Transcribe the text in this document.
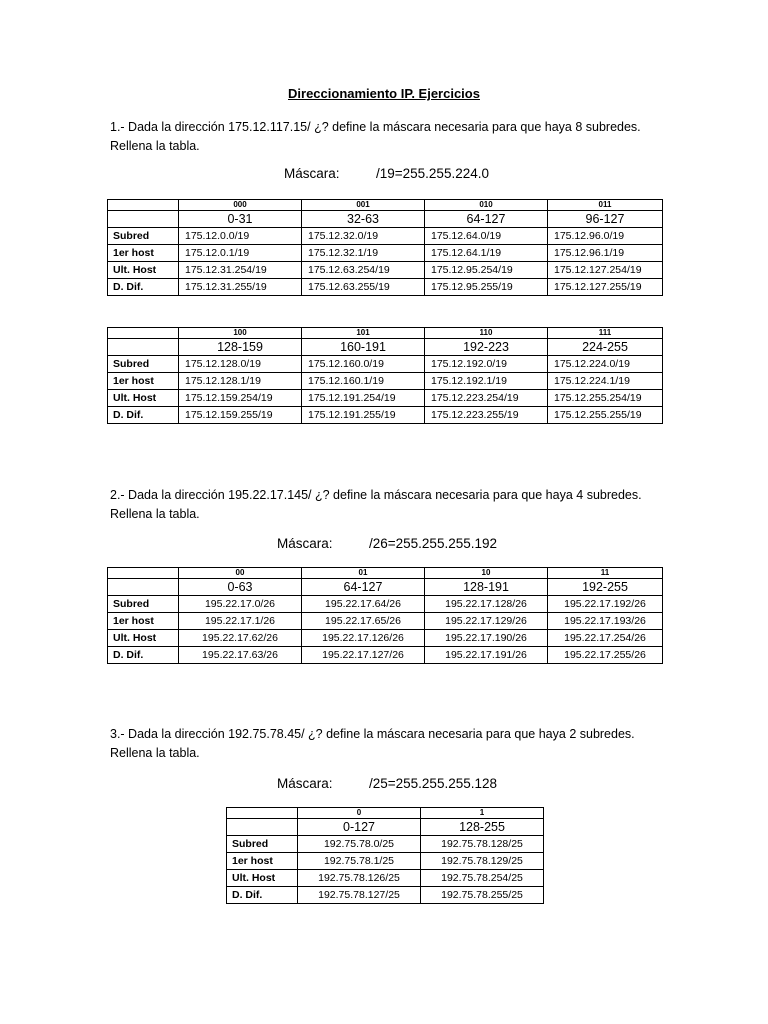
Direccionamiento IP. Ejercicios
1.- Dada la dirección 175.12.117.15/ ¿? define la máscara necesaria para que haya 8 subredes.
Rellena la tabla.
Máscara:	/19=255.255.224.0
	000	001	010	011
	0-31	32-63	64-127	96-127
Subred	175.12.0.0/19	175.12.32.0/19	175.12.64.0/19	175.12.96.0/19
1er host	175.12.0.1/19	175.12.32.1/19	175.12.64.1/19	175.12.96.1/19
Ult. Host	175.12.31.254/19	175.12.63.254/19	175.12.95.254/19	175.12.127.254/19
D. Dif.	175.12.31.255/19	175.12.63.255/19	175.12.95.255/19	175.12.127.255/19
	100	101	110	111
	128-159	160-191	192-223	224-255
Subred	175.12.128.0/19	175.12.160.0/19	175.12.192.0/19	175.12.224.0/19
1er host	175.12.128.1/19	175.12.160.1/19	175.12.192.1/19	175.12.224.1/19
Ult. Host	175.12.159.254/19	175.12.191.254/19	175.12.223.254/19	175.12.255.254/19
D. Dif.	175.12.159.255/19	175.12.191.255/19	175.12.223.255/19	175.12.255.255/19
2.- Dada la dirección 195.22.17.145/ ¿? define la máscara necesaria para que haya 4 subredes.
Rellena la tabla.
Máscara:	/26=255.255.255.192
	00	01	10	11
	0-63	64-127	128-191	192-255
Subred	195.22.17.0/26	195.22.17.64/26	195.22.17.128/26	195.22.17.192/26
1er host	195.22.17.1/26	195.22.17.65/26	195.22.17.129/26	195.22.17.193/26
Ult. Host	195.22.17.62/26	195.22.17.126/26	195.22.17.190/26	195.22.17.254/26
D. Dif.	195.22.17.63/26	195.22.17.127/26	195.22.17.191/26	195.22.17.255/26
3.- Dada la dirección 192.75.78.45/ ¿? define la máscara necesaria para que haya 2 subredes.
Rellena la tabla.
Máscara:	/25=255.255.255.128
	0	1
	0-127	128-255
Subred	192.75.78.0/25	192.75.78.128/25
1er host	192.75.78.1/25	192.75.78.129/25
Ult. Host	192.75.78.126/25	192.75.78.254/25
D. Dif.	192.75.78.127/25	192.75.78.255/25
